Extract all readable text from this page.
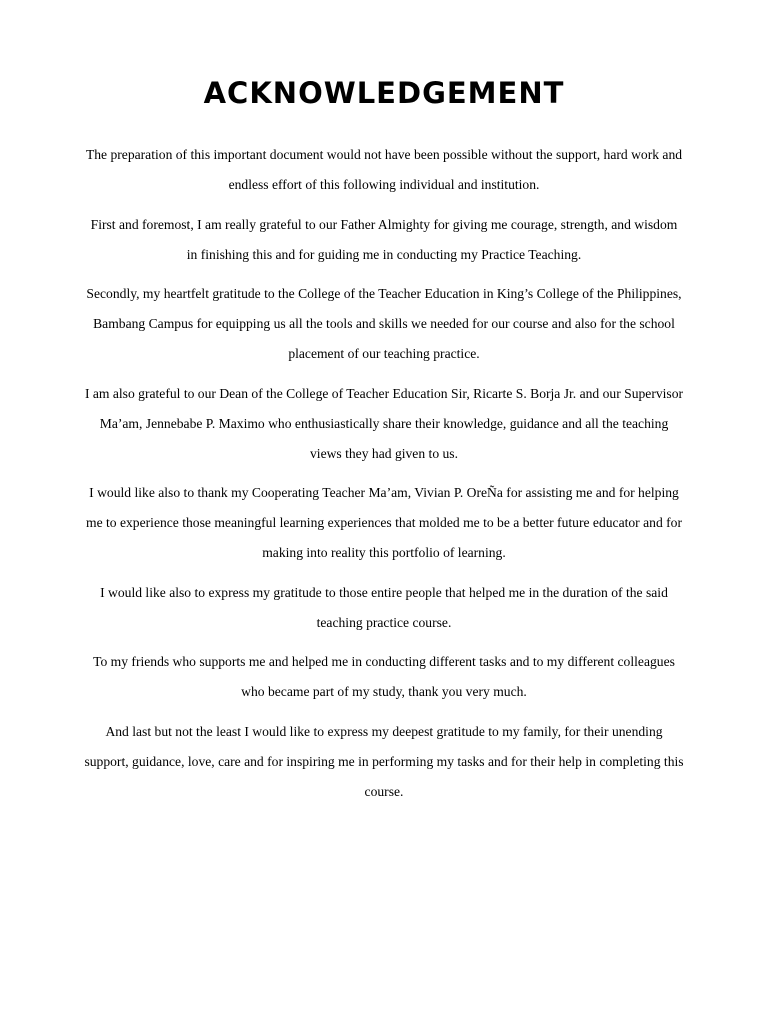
ACKNOWLEDGEMENT

The preparation of this important document would not have been possible without the support, hard work and endless effort of this following individual and institution.

First and foremost, I am really grateful to our Father Almighty for giving me courage, strength, and wisdom in finishing this and for guiding me in conducting my Practice Teaching.

Secondly, my heartfelt gratitude to the College of the Teacher Education in King’s College of the Philippines, Bambang Campus for equipping us all the tools and skills we needed for our course and also for the school placement of our teaching practice.

I am also grateful to our Dean of the College of Teacher Education Sir, Ricarte S. Borja Jr. and our Supervisor Ma’am, Jennebabe P. Maximo who enthusiastically share their knowledge, guidance and all the teaching views they had given to us.

I would like also to thank my Cooperating Teacher Ma’am, Vivian P. OreÑa for assisting me and for helping me to experience those meaningful learning experiences that molded me to be a better future educator and for making into reality this portfolio of learning.

I would like also to express my gratitude to those entire people that helped me in the duration of the said teaching practice course.

To my friends who supports me and helped me in conducting different tasks and to my different colleagues who became part of my study, thank you very much.

And last but not the least I would like to express my deepest gratitude to my family, for their unending support, guidance, love, care and for inspiring me in performing my tasks and for their help in completing this course.
